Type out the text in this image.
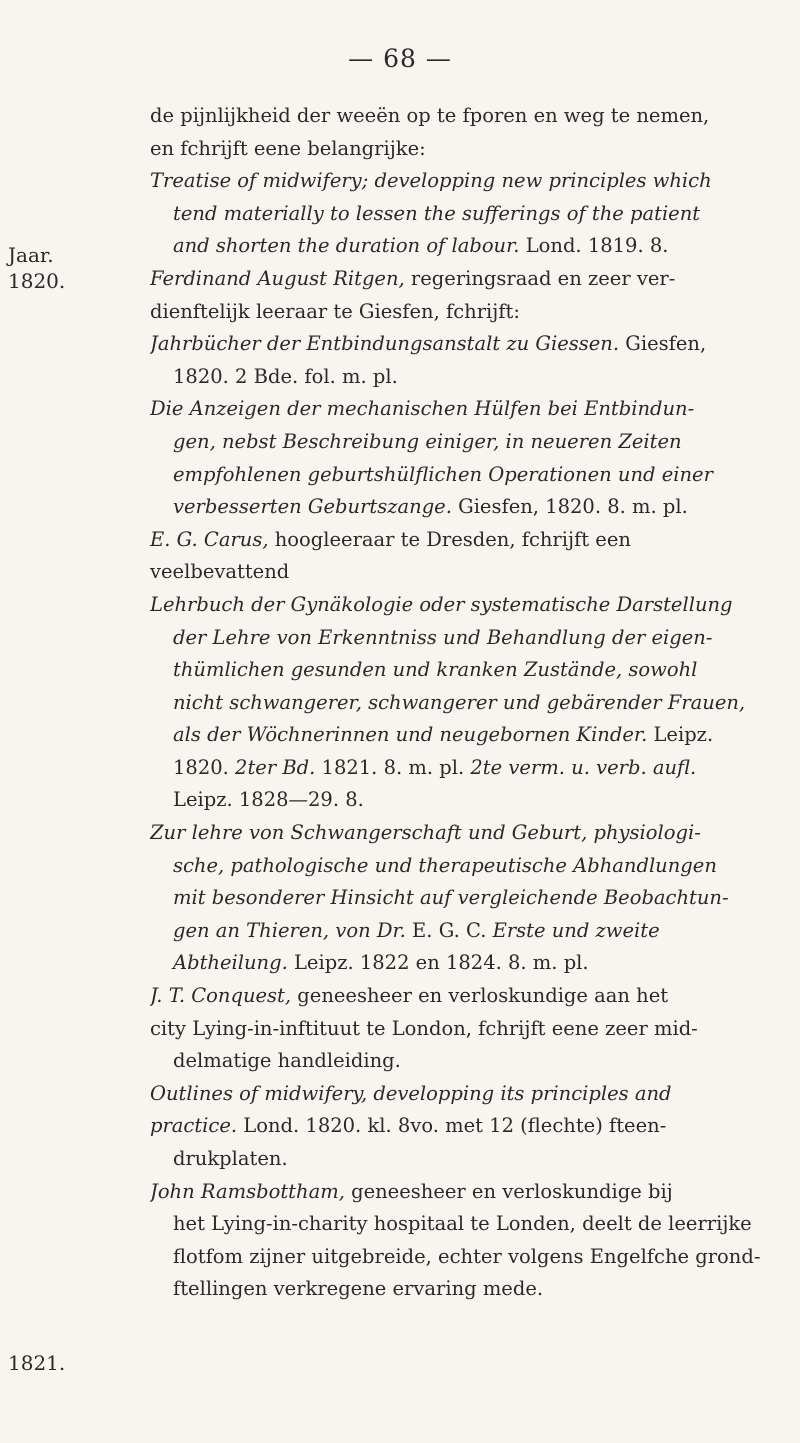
— 68 —
Jaar.
1820.
1821.
de pijnlijkheid der weeën op te fporen en weg te nemen,
en fchrijft eene belangrijke:
Treatise of midwifery; developping new principles which
tend materially to lessen the sufferings of the patient
and shorten the duration of labour. Lond. 1819. 8.
Ferdinand August Ritgen, regeringsraad en zeer ver-
dienftelijk leeraar te Giesfen, fchrijft:
Jahrbücher der Entbindungsanstalt zu Giessen. Giesfen,
1820. 2 Bde. fol. m. pl.
Die Anzeigen der mechanischen Hülfen bei Entbindun-
gen, nebst Beschreibung einiger, in neueren Zeiten
empfohlenen geburtshülflichen Operationen und einer
verbesserten Geburtszange. Giesfen, 1820. 8. m. pl.
E. G. Carus, hoogleeraar te Dresden, fchrijft een
veelbevattend
Lehrbuch der Gynäkologie oder systematische Darstellung
der Lehre von Erkenntniss und Behandlung der eigen-
thümlichen gesunden und kranken Zustände, sowohl
nicht schwangerer, schwangerer und gebärender Frauen,
als der Wöchnerinnen und neugebornen Kinder. Leipz.
1820. 2ter Bd. 1821. 8. m. pl. 2te verm. u. verb. aufl.
Leipz. 1828—29. 8.
Zur lehre von Schwangerschaft und Geburt, physiologi-
sche, pathologische und therapeutische Abhandlungen
mit besonderer Hinsicht auf vergleichende Beobachtun-
gen an Thieren, von Dr. E. G. C. Erste und zweite
Abtheilung. Leipz. 1822 en 1824. 8. m. pl.
J. T. Conquest, geneesheer en verloskundige aan het
city Lying-in-inftituut te London, fchrijft eene zeer mid-
delmatige handleiding.
Outlines of midwifery, developping its principles and
practice. Lond. 1820. kl. 8vo. met 12 (flechte) fteen-
drukplaten.
John Ramsbottham, geneesheer en verloskundige bij
het Lying-in-charity hospitaal te Londen, deelt de leerrijke
flotfom zijner uitgebreide, echter volgens Engelfche grond-
ftellingen verkregene ervaring mede.
